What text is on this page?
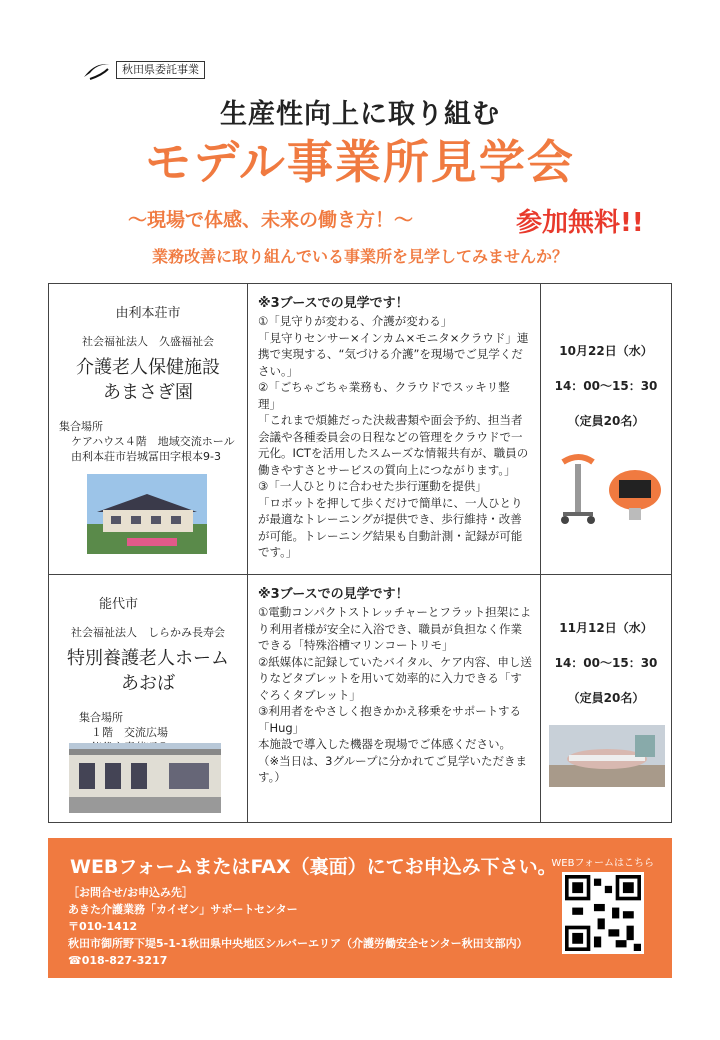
秋田県委託事業
生産性向上に取り組む
モデル事業所見学会
～現場で体感、未来の働き方！～	参加無料!!
業務改善に取り組んでいる事業所を見学してみませんか？
由利本荘市
社会福祉法人　久盛福祉会
介護老人保健施設
あまさぎ園
集合場所
ケアハウス４階　地域交流ホール
由利本荘市岩城冨田字根本9-3
※3ブースでの見学です！
①「見守りが変わる、介護が変わる」
「見守りセンサー×インカム×モニタ×クラウド」連携で実現する、“気づける介護”を現場でご見学ください。」
②「ごちゃごちゃ業務も、クラウドでスッキリ整理」
「これまで煩雑だった決裁書類や面会予約、担当者会議や各種委員会の日程などの管理をクラウドで一元化。ICTを活用したスムーズな情報共有が、職員の働きやすさとサービスの質向上につながります。」
③「一人ひとりに合わせた歩行運動を提供」
「ロボットを押して歩くだけで簡単に、一人ひとりが最適なトレーニングが提供でき、歩行維持・改善が可能。トレーニング結果も自動計測・記録が可能です。」
10月22日（水）
14：00～15：30
（定員20名）
能代市
社会福祉法人　しらかみ長寿会
特別養護老人ホーム
あおば
集合場所
１階　交流広場
※3ブースでの見学です！
①電動コンパクトストレッチャーとフラット担架により利用者様が安全に入浴でき、職員が負担なく作業できる「特殊浴槽マリンコートリモ」
②紙媒体に記録していたバイタル、ケア内容、申し送りなどタブレットを用いて効率的に入力できる「すぐろくタブレット」
③利用者をやさしく抱きかかえ移乗をサポートする「Hug」
本施設で導入した機器を現場でご体感ください。
（※当日は、3グループに分かれてご見学いただきます。）
11月12日（水）
14：00～15：30
（定員20名）
WEBフォームまたはFAX（裏面）にてお申込み下さい。
WEBフォームはこちら
［お問合せ/お申込み先］
あきた介護業務「カイゼン」サポートセンター
〒010-1412
秋田市御所野下堤5-1-1秋田県中央地区シルバーエリア（介護労働安全センター秋田支部内）
☎018-827-3217
